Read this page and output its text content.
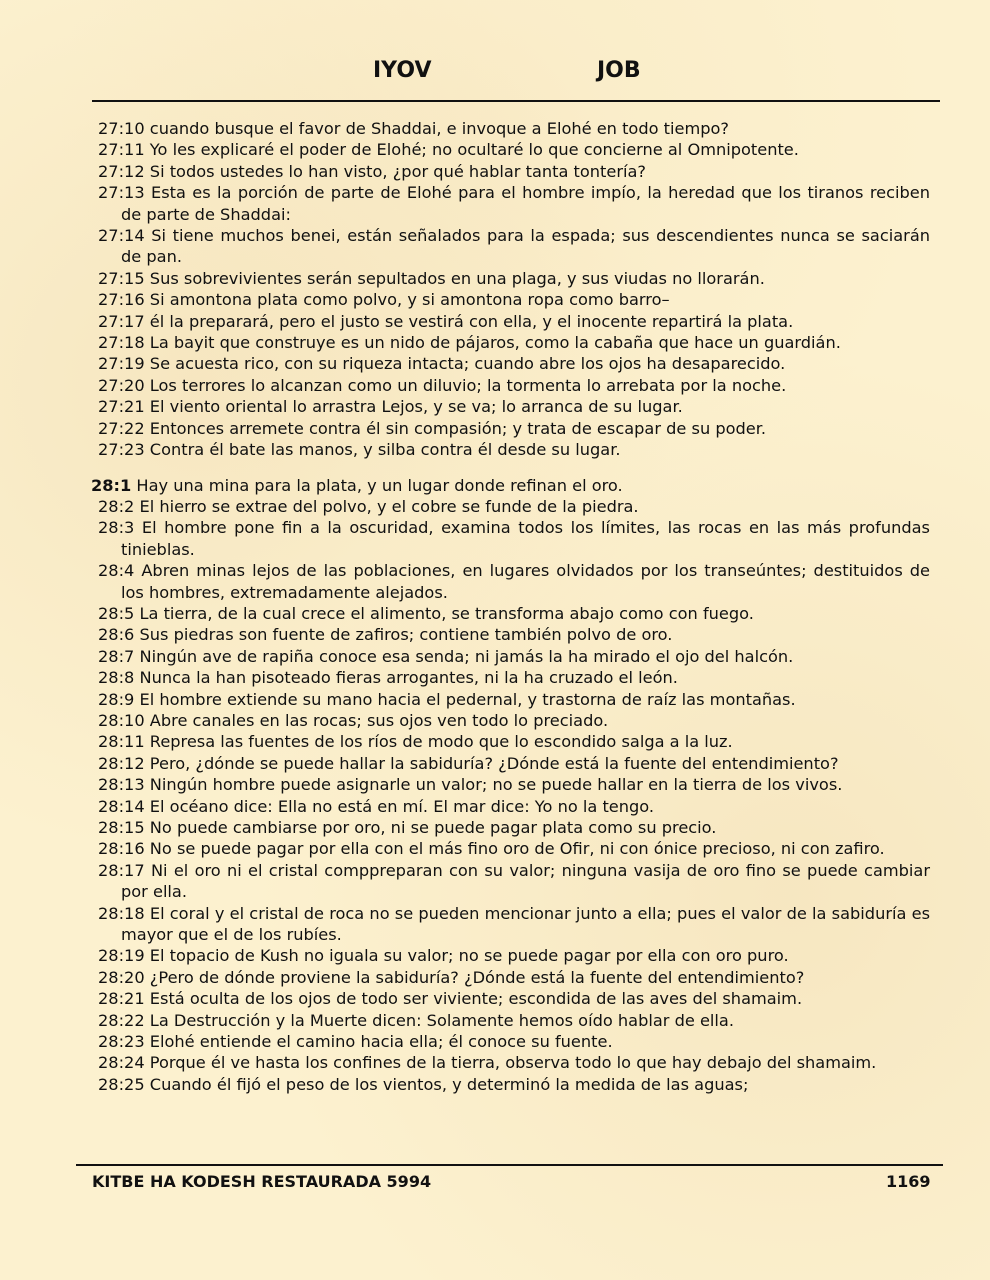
IYOV	JOB
27:10 cuando busque el favor de Shaddai, e invoque a Elohé en todo tiempo?
27:11 Yo les explicaré el poder de Elohé; no ocultaré lo que concierne al Omnipotente.
27:12 Si todos ustedes lo han visto, ¿por qué hablar tanta tontería?
27:13 Esta es la porción de parte de Elohé para el hombre impío, la heredad que los tiranos reciben de parte de Shaddai:
27:14 Si tiene muchos benei, están señalados para la espada; sus descendientes nunca se saciarán de pan.
27:15 Sus sobrevivientes serán sepultados en una plaga, y sus viudas no llorarán.
27:16 Si amontona plata como polvo, y si amontona ropa como barro–
27:17 él la preparará, pero el justo se vestirá con ella, y el inocente repartirá la plata.
27:18 La bayit que construye es un nido de pájaros, como la cabaña que hace un guardián.
27:19 Se acuesta rico, con su riqueza intacta; cuando abre los ojos ha desaparecido.
27:20 Los terrores lo alcanzan como un diluvio; la tormenta lo arrebata por la noche.
27:21 El viento oriental lo arrastra Lejos, y se va; lo arranca de su lugar.
27:22 Entonces arremete contra él sin compasión; y trata de escapar de su poder.
27:23 Contra él bate las manos, y silba contra él desde su lugar.
28:1 Hay una mina para la plata, y un lugar donde refinan el oro.
28:2 El hierro se extrae del polvo, y el cobre se funde de la piedra.
28:3 El hombre pone fin a la oscuridad, examina todos los límites, las rocas en las más profundas tinieblas.
28:4 Abren minas lejos de las poblaciones, en lugares olvidados por los transeúntes; destituidos de los hombres, extremadamente alejados.
28:5 La tierra, de la cual crece el alimento, se transforma abajo como con fuego.
28:6 Sus piedras son fuente de zafiros; contiene también polvo de oro.
28:7 Ningún ave de rapiña conoce esa senda; ni jamás la ha mirado el ojo del halcón.
28:8 Nunca la han pisoteado fieras arrogantes, ni la ha cruzado el león.
28:9 El hombre extiende su mano hacia el pedernal, y trastorna de raíz las montañas.
28:10 Abre canales en las rocas; sus ojos ven todo lo preciado.
28:11 Represa las fuentes de los ríos de modo que lo escondido salga a la luz.
28:12 Pero, ¿dónde se puede hallar la sabiduría? ¿Dónde está la fuente del entendimiento?
28:13 Ningún hombre puede asignarle un valor; no se puede hallar en la tierra de los vivos.
28:14 El océano dice: Ella no está en mí. El mar dice: Yo no la tengo.
28:15 No puede cambiarse por oro, ni se puede pagar plata como su precio.
28:16 No se puede pagar por ella con el más fino oro de Ofir, ni con ónice precioso, ni con zafiro.
28:17 Ni el oro ni el cristal comppreparan con su valor; ninguna vasija de oro fino se puede cambiar por ella.
28:18 El coral y el cristal de roca no se pueden mencionar junto a ella; pues el valor de la sabiduría es mayor que el de los rubíes.
28:19 El topacio de Kush no iguala su valor; no se puede pagar por ella con oro puro.
28:20 ¿Pero de dónde proviene la sabiduría? ¿Dónde está la fuente del entendimiento?
28:21 Está oculta de los ojos de todo ser viviente; escondida de las aves del shamaim.
28:22 La Destrucción y la Muerte dicen: Solamente hemos oído hablar de ella.
28:23 Elohé entiende el camino hacia ella; él conoce su fuente.
28:24 Porque él ve hasta los confines de la tierra, observa todo lo que hay debajo del shamaim.
28:25 Cuando él fijó el peso de los vientos, y determinó la medida de las aguas;
KITBE HA KODESH RESTAURADA 5994	1169
